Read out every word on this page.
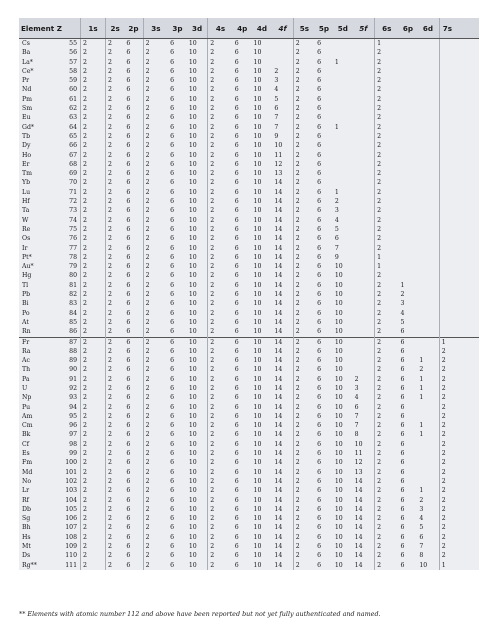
Element Z		1s	2s	2p	3s	3p	3d	4s	4p	4d	4f	5s	5p	5d	5f	6s	6p	6d	7s
Cs	55	2	2	6	2	6	10	2	6	10		2	6			1			
Ba	56	2	2	6	2	6	10	2	6	10		2	6			2			
La*	57	2	2	6	2	6	10	2	6	10		2	6	1		2			
Ce*	58	2	2	6	2	6	10	2	6	10	2	2	6			2			
Pr	59	2	2	6	2	6	10	2	6	10	3	2	6			2			
Nd	60	2	2	6	2	6	10	2	6	10	4	2	6			2			
Pm	61	2	2	6	2	6	10	2	6	10	5	2	6			2			
Sm	62	2	2	6	2	6	10	2	6	10	6	2	6			2			
Eu	63	2	2	6	2	6	10	2	6	10	7	2	6			2			
Gd*	64	2	2	6	2	6	10	2	6	10	7	2	6	1		2			
Tb	65	2	2	6	2	6	10	2	6	10	9	2	6			2			
Dy	66	2	2	6	2	6	10	2	6	10	10	2	6			2			
Ho	67	2	2	6	2	6	10	2	6	10	11	2	6			2			
Er	68	2	2	6	2	6	10	2	6	10	12	2	6			2			
Tm	69	2	2	6	2	6	10	2	6	10	13	2	6			2			
Yb	70	2	2	6	2	6	10	2	6	10	14	2	6			2			
Lu	71	2	2	6	2	6	10	2	6	10	14	2	6	1		2			
Hf	72	2	2	6	2	6	10	2	6	10	14	2	6	2		2			
Ta	73	2	2	6	2	6	10	2	6	10	14	2	6	3		2			
W	74	2	2	6	2	6	10	2	6	10	14	2	6	4		2			
Re	75	2	2	6	2	6	10	2	6	10	14	2	6	5		2			
Os	76	2	2	6	2	6	10	2	6	10	14	2	6	6		2			
Ir	77	2	2	6	2	6	10	2	6	10	14	2	6	7		2			
Pt*	78	2	2	6	2	6	10	2	6	10	14	2	6	9		1			
Au*	79	2	2	6	2	6	10	2	6	10	14	2	6	10		1			
Hg	80	2	2	6	2	6	10	2	6	10	14	2	6	10		2			
Tl	81	2	2	6	2	6	10	2	6	10	14	2	6	10		2	1		
Pb	82	2	2	6	2	6	10	2	6	10	14	2	6	10		2	2		
Bi	83	2	2	6	2	6	10	2	6	10	14	2	6	10		2	3		
Po	84	2	2	6	2	6	10	2	6	10	14	2	6	10		2	4		
At	85	2	2	6	2	6	10	2	6	10	14	2	6	10		2	5		
Rn	86	2	2	6	2	6	10	2	6	10	14	2	6	10		2	6		
Fr	87	2	2	6	2	6	10	2	6	10	14	2	6	10		2	6		1
Ra	88	2	2	6	2	6	10	2	6	10	14	2	6	10		2	6		2
Ac	89	2	2	6	2	6	10	2	6	10	14	2	6	10		2	6	1	2
Th	90	2	2	6	2	6	10	2	6	10	14	2	6	10		2	6	2	2
Pa	91	2	2	6	2	6	10	2	6	10	14	2	6	10	2	2	6	1	2
U	92	2	2	6	2	6	10	2	6	10	14	2	6	10	3	2	6	1	2
Np	93	2	2	6	2	6	10	2	6	10	14	2	6	10	4	2	6	1	2
Pu	94	2	2	6	2	6	10	2	6	10	14	2	6	10	6	2	6		2
Am	95	2	2	6	2	6	10	2	6	10	14	2	6	10	7	2	6		2
Cm	96	2	2	6	2	6	10	2	6	10	14	2	6	10	7	2	6	1	2
Bk	97	2	2	6	2	6	10	2	6	10	14	2	6	10	8	2	6	1	2
Cf	98	2	2	6	2	6	10	2	6	10	14	2	6	10	10	2	6		2
Es	99	2	2	6	2	6	10	2	6	10	14	2	6	10	11	2	6		2
Fm	100	2	2	6	2	6	10	2	6	10	14	2	6	10	12	2	6		2
Md	101	2	2	6	2	6	10	2	6	10	14	2	6	10	13	2	6		2
No	102	2	2	6	2	6	10	2	6	10	14	2	6	10	14	2	6		2
Lr	103	2	2	6	2	6	10	2	6	10	14	2	6	10	14	2	6	1	2
Rf	104	2	2	6	2	6	10	2	6	10	14	2	6	10	14	2	6	2	2
Db	105	2	2	6	2	6	10	2	6	10	14	2	6	10	14	2	6	3	2
Sg	106	2	2	6	2	6	10	2	6	10	14	2	6	10	14	2	6	4	2
Bh	107	2	2	6	2	6	10	2	6	10	14	2	6	10	14	2	6	5	2
Hs	108	2	2	6	2	6	10	2	6	10	14	2	6	10	14	2	6	6	2
Mt	109	2	2	6	2	6	10	2	6	10	14	2	6	10	14	2	6	7	2
Ds	110	2	2	6	2	6	10	2	6	10	14	2	6	10	14	2	6	8	2
Rg**	111	2	2	6	2	6	10	2	6	10	14	2	6	10	14	2	6	10	1
** Elements with atomic number 112 and above have been reported but not yet fully authenticated and named.
